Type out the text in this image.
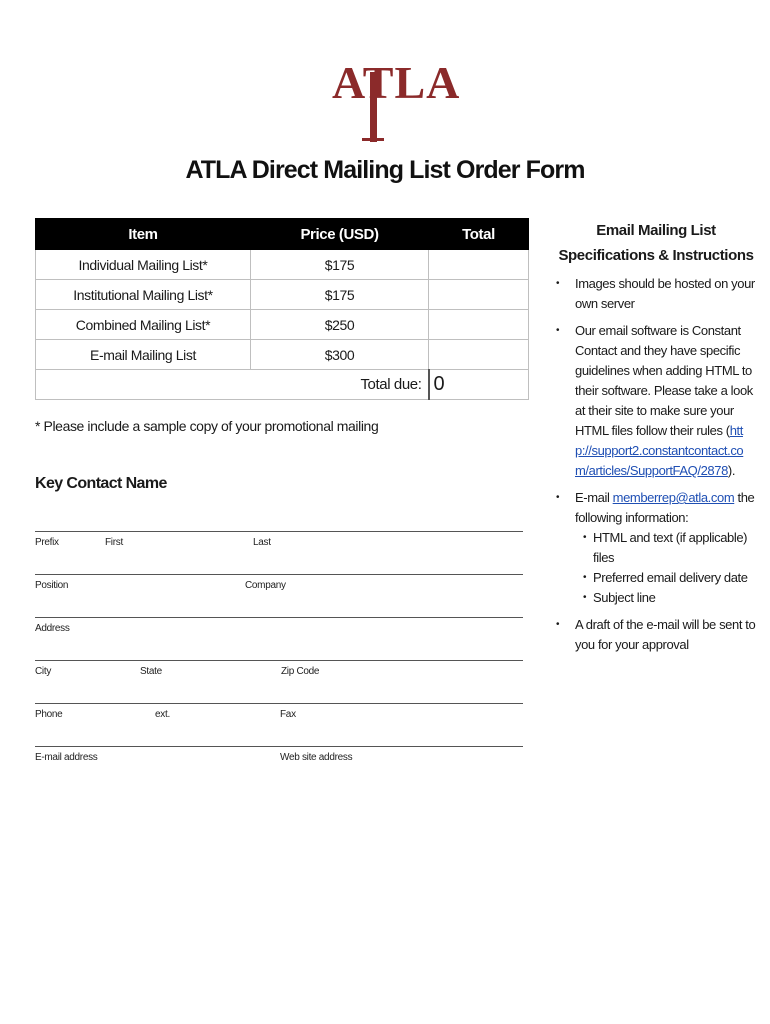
ATLA
ATLA Direct Mailing List Order Form
Item	Price (USD)	Total
Individual Mailing List*	$175	
Institutional Mailing List*	$175	
Combined Mailing List*	$250	
E-mail Mailing List	$300	
Total due:		0
* Please include a sample copy of your promotional mailing
Key Contact Name
Prefix	First	Last
Position	Company
Address
City	State	Zip Code
Phone	ext.	Fax
E-mail address	Web site address
Email Mailing List
Specifications & Instructions
• Images should be hosted on your own server
• Our email software is Constant Contact and they have specific guidelines when adding HTML to their software. Please take a look at their site to make sure your HTML files follow their rules (http://support2.constantcontact.com/articles/SupportFAQ/2878).
• E-mail memberrep@atla.com the following information:
• HTML and text (if applicable) files
• Preferred email delivery date
• Subject line
• A draft of the e-mail will be sent to you for your approval
